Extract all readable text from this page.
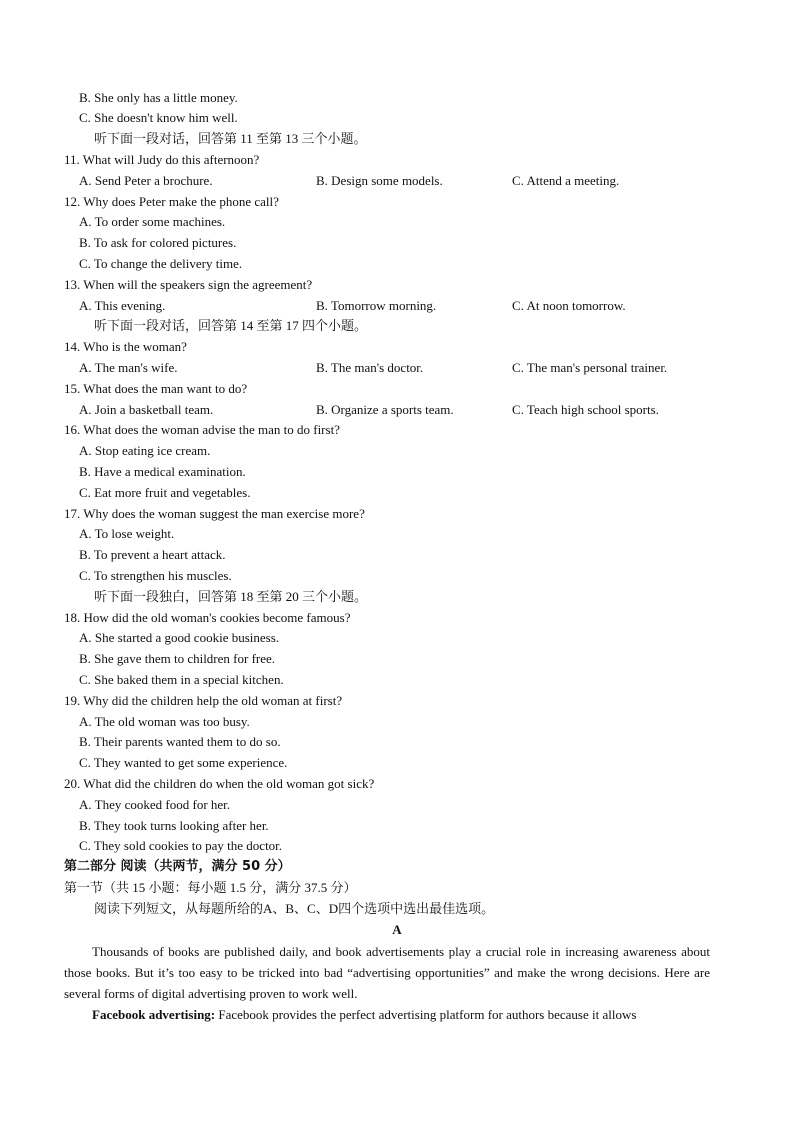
B. She only has a little money.
C. She doesn't know him well.
听下面一段对话，回答第 11 至第 13 三个小题。
11. What will Judy do this afternoon?
A. Send Peter a brochure.	B. Design some models.	C. Attend a meeting.
12. Why does Peter make the phone call?
A. To order some machines.
B. To ask for colored pictures.
C. To change the delivery time.
13. When will the speakers sign the agreement?
A. This evening.	B. Tomorrow morning.	C. At noon tomorrow.
听下面一段对话，回答第 14 至第 17 四个小题。
14. Who is the woman?
A. The man's wife.	B. The man's doctor.	C. The man's personal trainer.
15. What does the man want to do?
A. Join a basketball team.	B. Organize a sports team.	C. Teach high school sports.
16. What does the woman advise the man to do first?
A. Stop eating ice cream.
B. Have a medical examination.
C. Eat more fruit and vegetables.
17. Why does the woman suggest the man exercise more?
A. To lose weight.
B. To prevent a heart attack.
C. To strengthen his muscles.
听下面一段独白，回答第 18 至第 20 三个小题。
18. How did the old woman's cookies become famous?
A. She started a good cookie business.
B. She gave them to children for free.
C. She baked them in a special kitchen.
19. Why did the children help the old woman at first?
A. The old woman was too busy.
B. Their parents wanted them to do so.
C. They wanted to get some experience.
20. What did the children do when the old woman got sick?
A. They cooked food for her.
B. They took turns looking after her.
C. They sold cookies to pay the doctor.
第二部分 阅读（共两节，满分 50 分）
第一节（共 15 小题：每小题 1.5 分，满分 37.5 分）
阅读下列短文，从每题所给的A、B、C、D四个选项中选出最佳选项。
A

Thousands of books are published daily, and book advertisements play a crucial role in increasing awareness about those books. But it’s too easy to be tricked into bad “advertising opportunities” and make the wrong decisions. Here are several forms of digital advertising proven to work well.

Facebook advertising: Facebook provides the perfect advertising platform for authors because it allows
